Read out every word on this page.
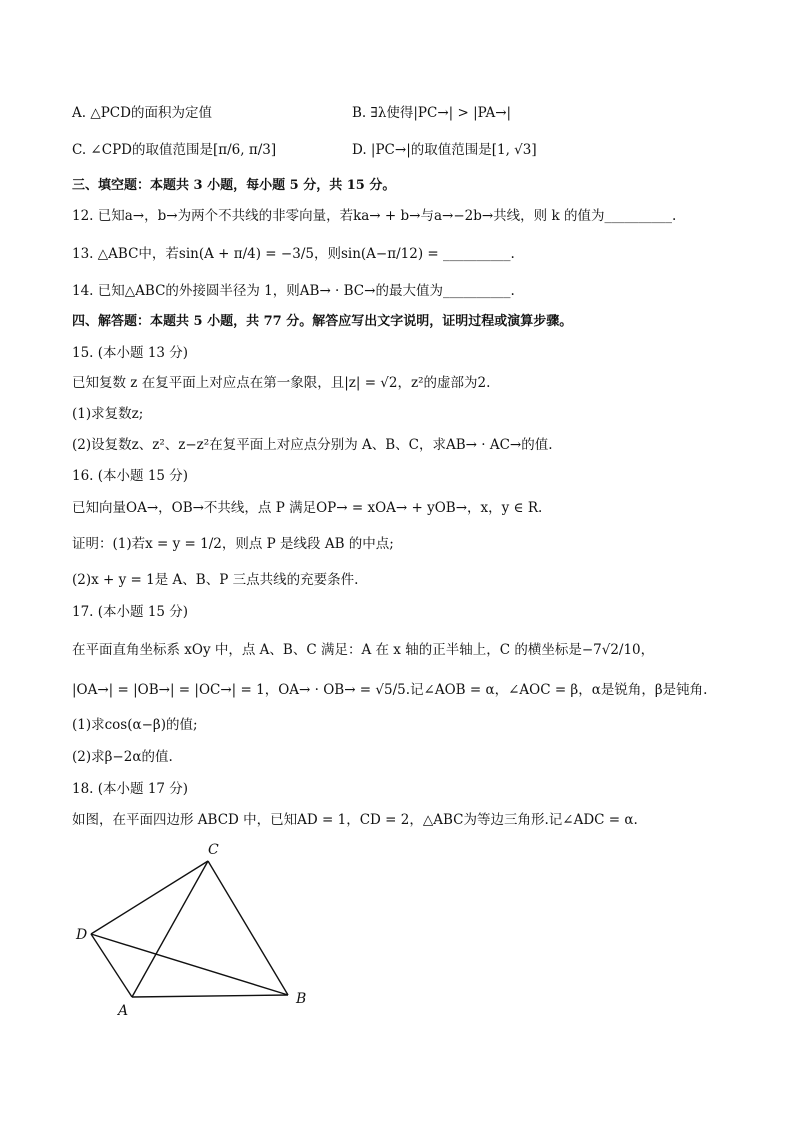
A. △PCD的面积为定值	B. ∃λ使得|PC→| > |PA→|
C. ∠CPD的取值范围是[π/6, π/3]	D. |PC→|的取值范围是[1, √3]
三、填空题：本题共 3 小题，每小题 5 分，共 15 分。
12. 已知a→，b→为两个不共线的非零向量，若ka→ + b→与a→−2b→共线，则 k 的值为__________.
13. △ABC中，若sin(A + π/4) = −3/5，则sin(A−π/12) = __________.
14. 已知△ABC的外接圆半径为 1，则AB→ · BC→的最大值为__________.
四、解答题：本题共 5 小题，共 77 分。解答应写出文字说明，证明过程或演算步骤。
15. (本小题 13 分)
已知复数 z 在复平面上对应点在第一象限，且|z| = √2，z²的虚部为2.
(1)求复数z;
(2)设复数z、z²、z−z²在复平面上对应点分别为 A、B、C，求AB→ · AC→的值.
16. (本小题 15 分)
已知向量OA→，OB→不共线，点 P 满足OP→ = xOA→ + yOB→，x，y ∈ R.
证明：(1)若x = y = 1/2，则点 P 是线段 AB 的中点;
(2)x + y = 1是 A、B、P 三点共线的充要条件.
17. (本小题 15 分)
在平面直角坐标系 xOy 中，点 A、B、C 满足：A 在 x 轴的正半轴上，C 的横坐标是−7√2/10，
|OA→| = |OB→| = |OC→| = 1，OA→ · OB→ = √5/5.记∠AOB = α，∠AOC = β，α是锐角，β是钝角.
(1)求cos(α−β)的值;
(2)求β−2α的值.
18. (本小题 17 分)
如图，在平面四边形 ABCD 中，已知AD = 1，CD = 2，△ABC为等边三角形.记∠ADC = α.
C
D
A
B
